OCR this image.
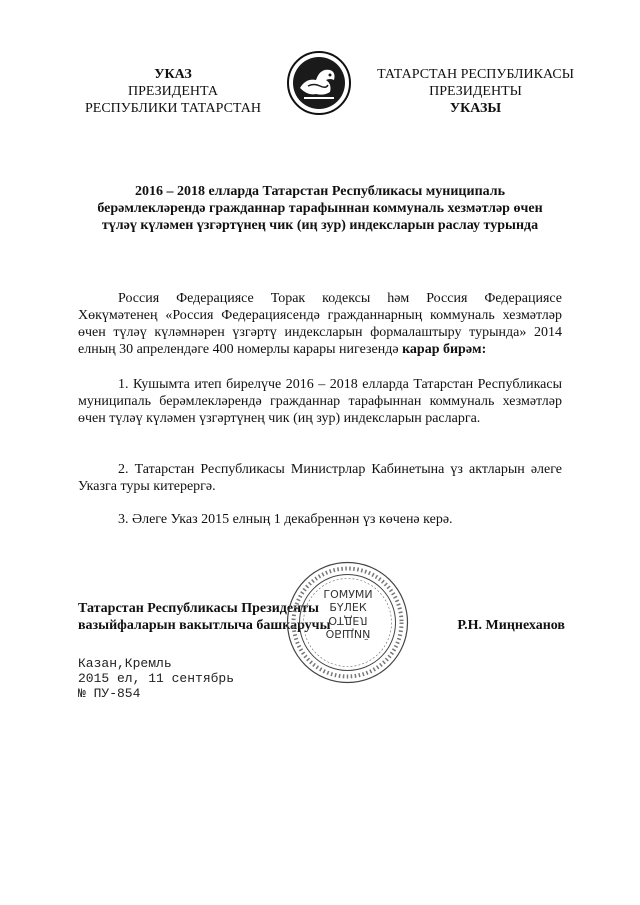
УКАЗ
ПРЕЗИДЕНТА
РЕСПУБЛИКИ ТАТАРСТАН
ТАТАРСТАН РЕСПУБЛИКАСЫ
ПРЕЗИДЕНТЫ
УКАЗЫ
2016 – 2018 елларда Татарстан Республикасы муниципаль
берәмлекләрендә гражданнар тарафыннан коммуналь хезмәтләр өчен
түләү күләмен үзгәртүнең чик (иң зур) индексларын раслау турында
Россия Федерациясе Торак кодексы һәм Россия Федерациясе Хөкүмәтенең «Россия Федерациясендә гражданнарның коммуналь хезмәтләр өчен түләү күләмнәрен үзгәртү индексларын формалаштыру турында» 2014 елның 30 апрелендәге 400 номерлы карары нигезендә карар бирәм:
1. Кушымта итеп бирелүче 2016 – 2018 елларда Татарстан Республикасы муниципаль берәмлекләрендә гражданнар тарафыннан коммуналь хезмәтләр өчен түләү күләмен үзгәртүнең чик (иң зур) индексларын расларга.
2. Татарстан Республикасы Министрлар Кабинетына үз актларын әлеге Указга туры китерергә.
3. Әлеге Указ 2015 елның 1 декабреннән үз көченә керә.
Татарстан Республикасы Президенты
вазыйфаларын вакытлыча башкаручы	Р.Н. Миңнеханов
ГОМУМИ
БҮЛЕК
ОТДЕЛ
ОБЩИЙ
Казан,Кремль
2015 ел, 11 сентябрь
№ ПУ-854
